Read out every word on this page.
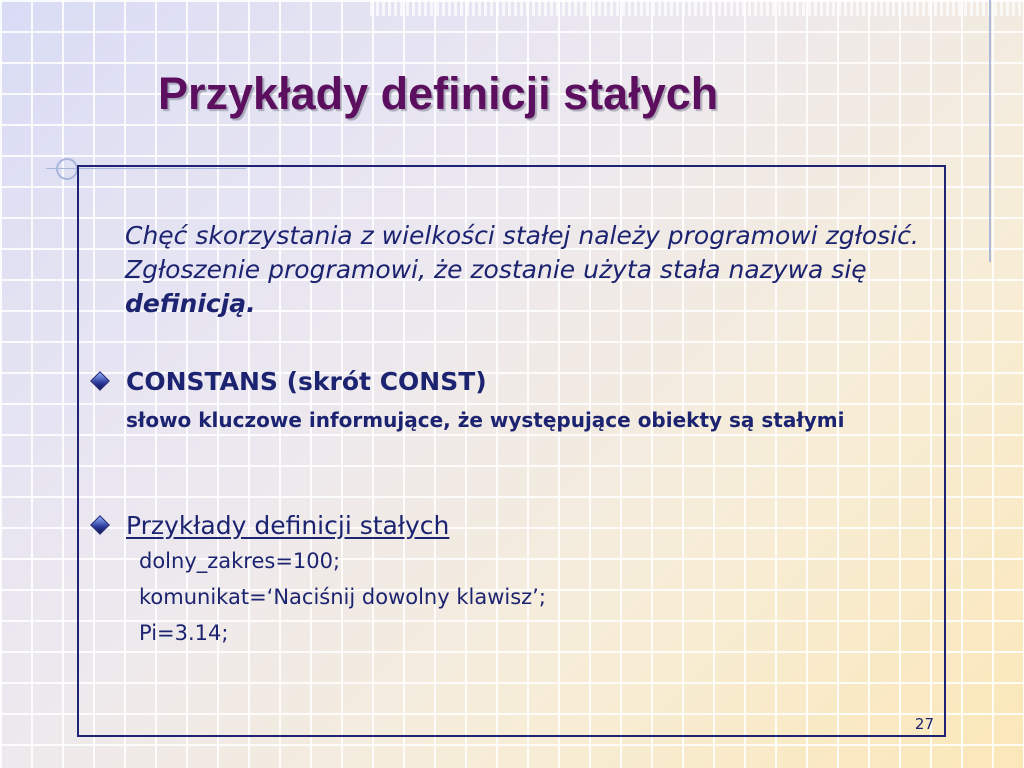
Przykłady definicji stałych
Chęć skorzystania z wielkości stałej należy programowi zgłosić. Zgłoszenie programowi, że zostanie użyta stała nazywa się definicją.
CONSTANS (skrót CONST)
słowo kluczowe informujące, że występujące obiekty są stałymi
Przykłady definicji stałych
dolny_zakres=100;
komunikat=‘Naciśnij dowolny klawisz’;
Pi=3.14;
27
